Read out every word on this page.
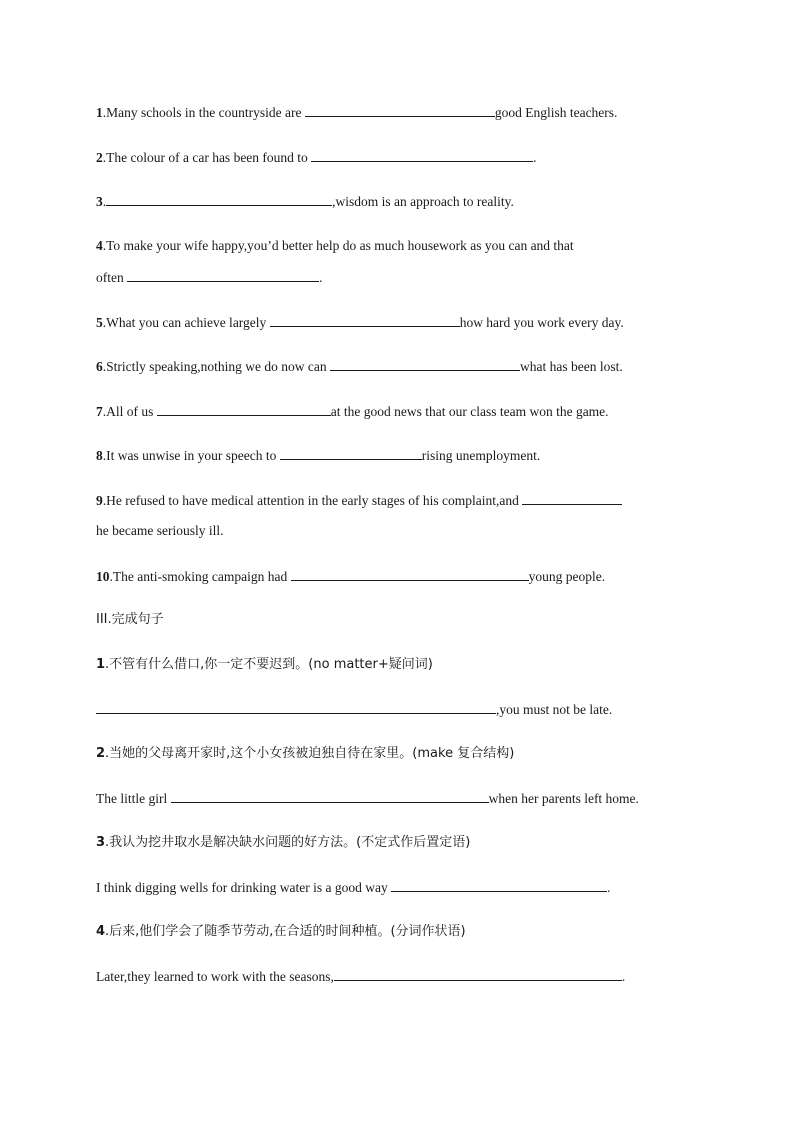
1.Many schools in the countryside are	good English teachers.
2.The colour of a car has been found to	.
3.	,wisdom is an approach to reality.
4.To make your wife happy,you’d better help do as much housework as you can and that
often	.
5.What you can achieve largely	how hard you work every day.
6.Strictly speaking,nothing we do now can	what has been lost.
7.All of us	at the good news that our class team won the game.
8.It was unwise in your speech to	rising unemployment.
9.He refused to have medical attention in the early stages of his complaint,and
he became seriously ill.
10.The anti-smoking campaign had	young people.
III.完成句子
1.不管有什么借口,你一定不要迟到。(no matter+疑问词)
,you must not be late.
2.当她的父母离开家时,这个小女孩被迫独自待在家里。(make 复合结构)
The little girl	when her parents left home.
3.我认为挖井取水是解决缺水问题的好方法。(不定式作后置定语)
I think digging wells for drinking water is a good way	.
4.后来,他们学会了随季节劳动,在合适的时间种植。(分词作状语)
Later,they learned to work with the seasons,	.
